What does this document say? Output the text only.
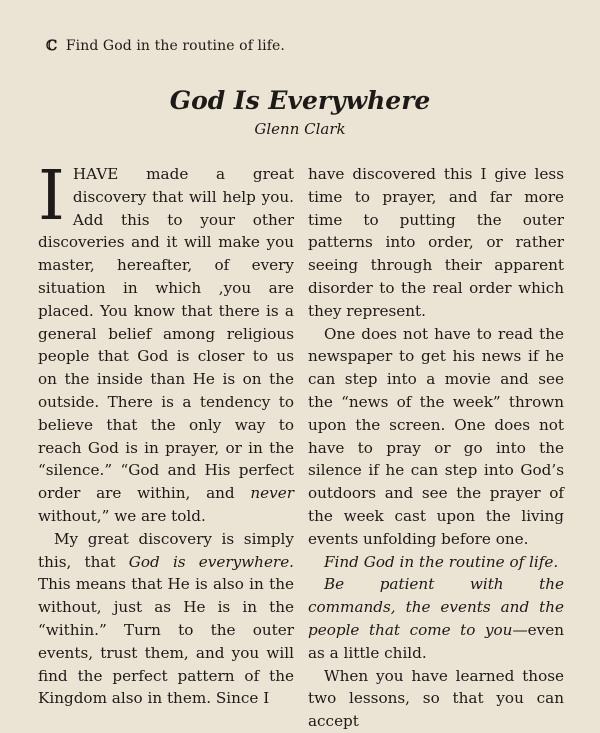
ℂ Find God in the routine of life.
God Is Everywhere
Glenn Clark

IHAVE made a great discovery that will help you. Add this to your other discoveries and it will make you master, hereafter, of every situation in which ,you are placed. You know that there is a general belief among religious people that God is closer to us on the inside than He is on the outside. There is a tendency to believe that the only way to reach God is in prayer, or in the “silence.” “God and His perfect order are within, and never without,” we are told.

My great discovery is simply this, that God is everywhere. This means that He is also in the without, just as He is in the “within.” Turn to the outer events, trust them, and you will find the perfect pattern of the Kingdom also in them. Since I

have discovered this I give less time to prayer, and far more time to putting the outer patterns into order, or rather seeing through their apparent disorder to the real order which they represent.

One does not have to read the newspaper to get his news if he can step into a movie and see the “news of the week” thrown upon the screen. One does not have to pray or go into the silence if he can step into God’s outdoors and see the prayer of the week cast upon the living events unfolding before one.

Find God in the routine of life.

Be patient with the commands, the events and the people that come to you—even as a little child.

When you have learned those two lessons, so that you can accept
